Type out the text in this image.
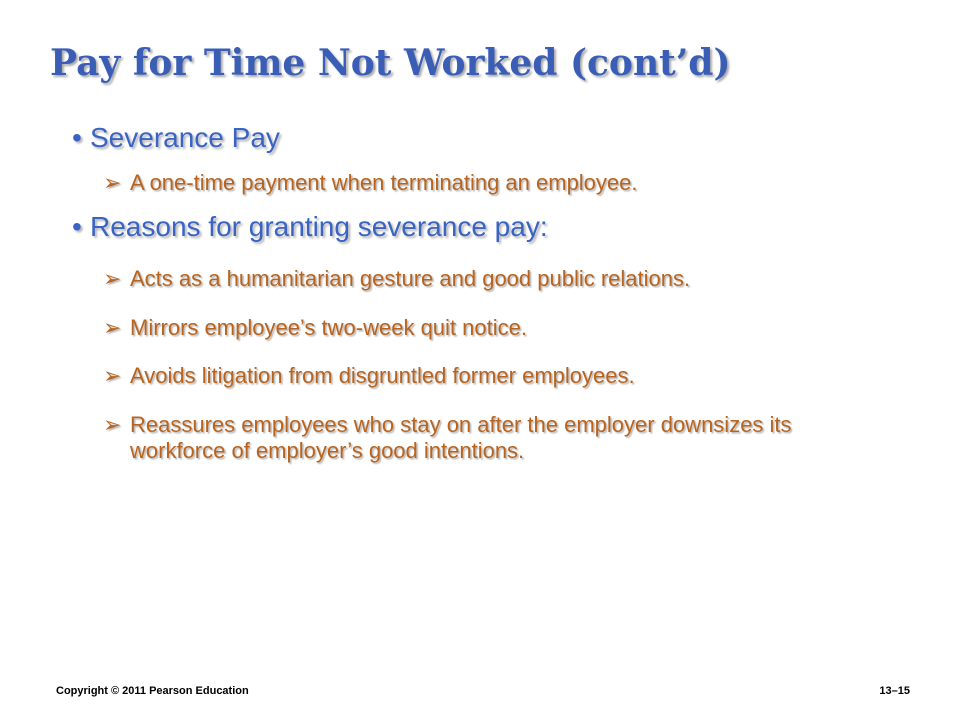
Pay for Time Not Worked (cont’d)
• Severance Pay
➢ A one-time payment when terminating an employee.
• Reasons for granting severance pay:
➢ Acts as a humanitarian gesture and good public relations.
➢ Mirrors employee’s two-week quit notice.
➢ Avoids litigation from disgruntled former employees.
➢ Reassures employees who stay on after the employer downsizes its workforce of employer’s good intentions.
Copyright © 2011 Pearson Education	13–15
